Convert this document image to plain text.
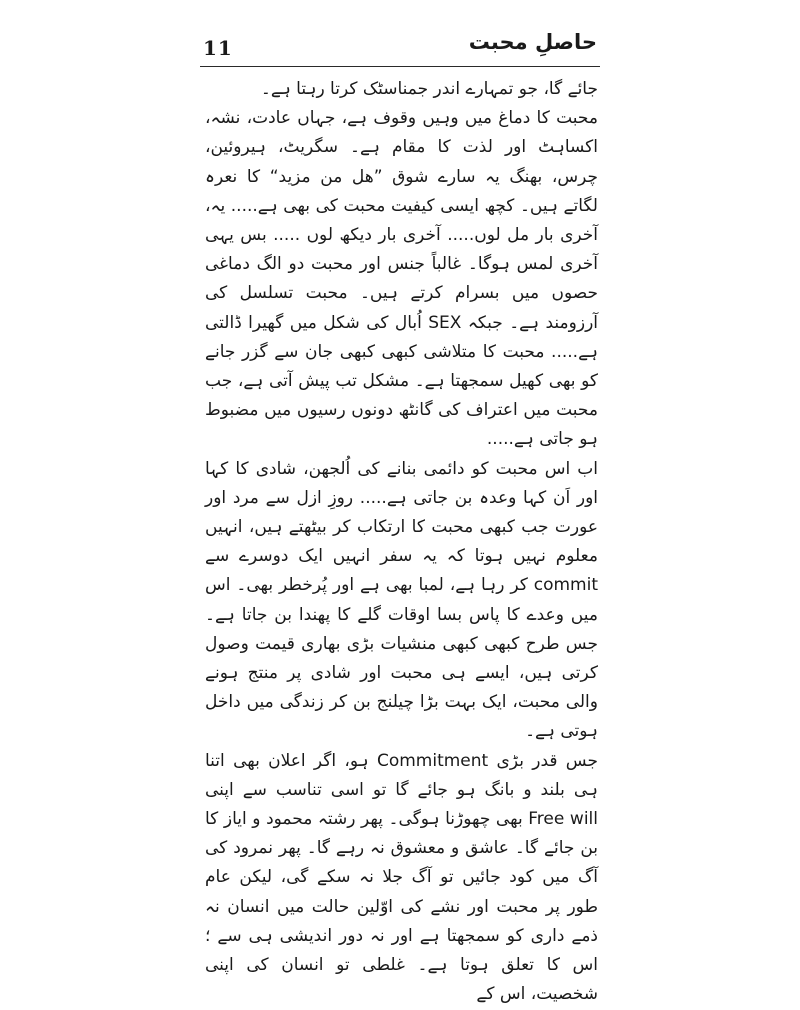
11	حاصلِ محبت

جائے گا، جو تمہارے اندر جمناسٹک کرتا رہتا ہے۔

محبت کا دماغ میں وہیں وقوف ہے، جہاں عادت، نشہ، اکساہٹ اور لذت کا مقام ہے۔ سگریٹ، ہیروئین، چرس، بھنگ یہ سارے شوق ”ھل من مزید“ کا نعرہ لگاتے ہیں۔ کچھ ایسی کیفیت محبت کی بھی ہے..... یہ، آخری بار مل لوں..... آخری بار دیکھ لوں ..... بس یہی آخری لمس ہوگا۔ غالباً جنس اور محبت دو الگ دماغی حصوں میں بسرام کرتے ہیں۔ محبت تسلسل کی آرزومند ہے۔ جبکہ SEX اُبال کی شکل میں گھیرا ڈالتی ہے..... محبت کا متلاشی کبھی کبھی جان سے گزر جانے کو بھی کھیل سمجھتا ہے۔ مشکل تب پیش آتی ہے، جب محبت میں اعتراف کی گانٹھ دونوں رسیوں میں مضبوط ہو جاتی ہے.....

اب اس محبت کو دائمی بنانے کی اُلجھن، شادی کا کہا اور اَن کہا وعدہ بن جاتی ہے..... روزِ ازل سے مرد اور عورت جب کبھی محبت کا ارتکاب کر بیٹھتے ہیں، انہیں معلوم نہیں ہوتا کہ یہ سفر انہیں ایک دوسرے سے commit کر رہا ہے، لمبا بھی ہے اور پُرخطر بھی۔ اس میں وعدے کا پاس بسا اوقات گلے کا پھندا بن جاتا ہے۔ جس طرح کبھی کبھی منشیات بڑی بھاری قیمت وصول کرتی ہیں، ایسے ہی محبت اور شادی پر منتج ہونے والی محبت، ایک بہت بڑا چیلنج بن کر زندگی میں داخل ہوتی ہے۔

جس قدر بڑی Commitment ہو، اگر اعلان بھی اتنا ہی بلند و بانگ ہو جائے گا تو اسی تناسب سے اپنی Free will بھی چھوڑنا ہوگی۔ پھر رشتہ محمود و ایاز کا بن جائے گا۔ عاشق و معشوق نہ رہے گا۔ پھر نمرود کی آگ میں کود جائیں تو آگ جلا نہ سکے گی، لیکن عام طور پر محبت اور نشے کی اوّلین حالت میں انسان نہ ذمے داری کو سمجھتا ہے اور نہ دور اندیشی ہی سے ؛ اس کا تعلق ہوتا ہے۔ غلطی تو انسان کی اپنی شخصیت، اس کے
